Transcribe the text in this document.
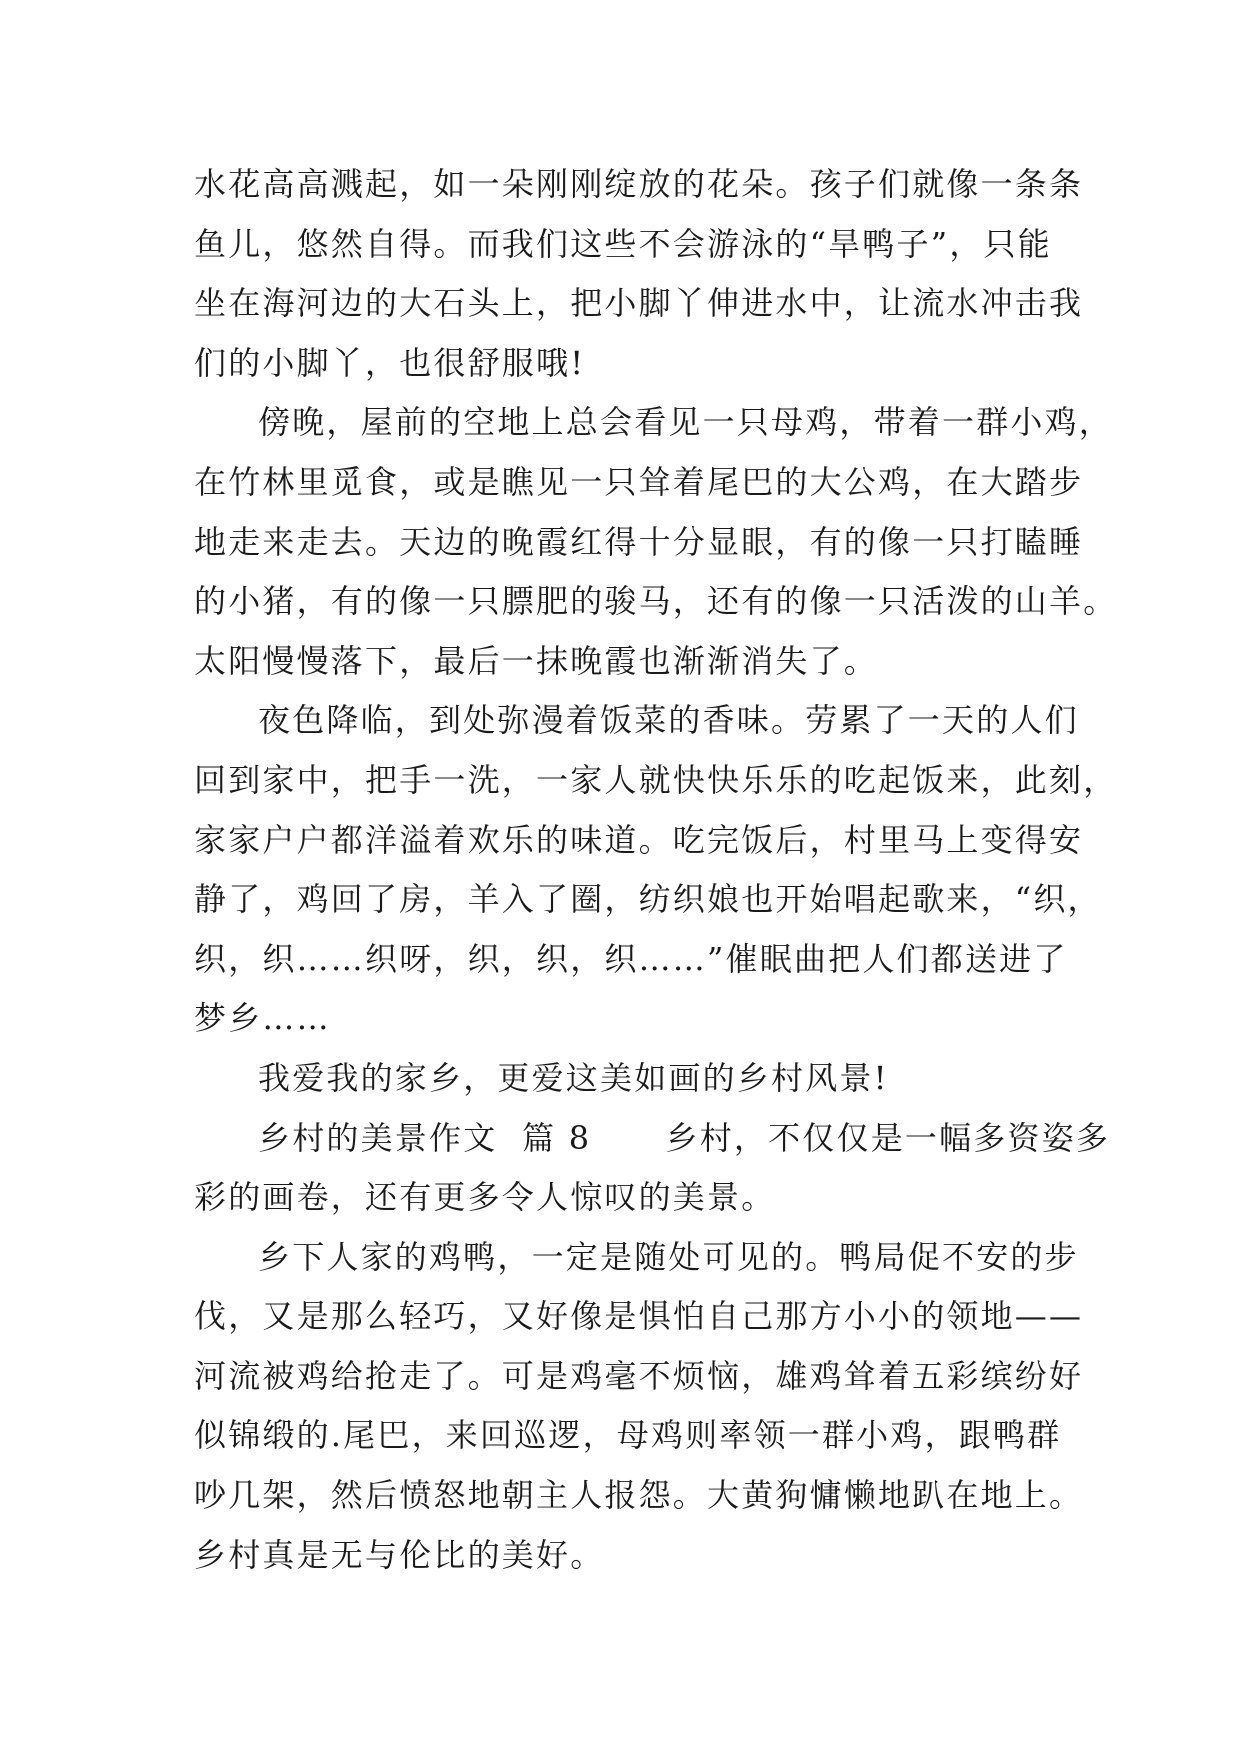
水花高高溅起，如一朵刚刚绽放的花朵。孩子们就像一条条
鱼儿，悠然自得。而我们这些不会游泳的“旱鸭子”，只能
坐在海河边的大石头上，把小脚丫伸进水中，让流水冲击我
们的小脚丫，也很舒服哦!
傍晚，屋前的空地上总会看见一只母鸡，带着一群小鸡，
在竹林里觅食，或是瞧见一只耸着尾巴的大公鸡，在大踏步
地走来走去。天边的晚霞红得十分显眼，有的像一只打瞌睡
的小猪，有的像一只膘肥的骏马，还有的像一只活泼的山羊。
太阳慢慢落下，最后一抹晚霞也渐渐消失了。
夜色降临，到处弥漫着饭菜的香味。劳累了一天的人们
回到家中，把手一洗，一家人就快快乐乐的吃起饭来，此刻，
家家户户都洋溢着欢乐的味道。吃完饭后，村里马上变得安
静了，鸡回了房，羊入了圈，纺织娘也开始唱起歌来，“织，
织，织……织呀，织，织，织……”催眠曲把人们都送进了
梦乡……
我爱我的家乡，更爱这美如画的乡村风景!
乡村的美景作文  篇 8      乡村，不仅仅是一幅多资姿多
彩的画卷，还有更多令人惊叹的美景。
乡下人家的鸡鸭，一定是随处可见的。鸭局促不安的步
伐，又是那么轻巧，又好像是惧怕自己那方小小的领地——
河流被鸡给抢走了。可是鸡毫不烦恼，雄鸡耸着五彩缤纷好
似锦缎的.尾巴，来回巡逻，母鸡则率领一群小鸡，跟鸭群
吵几架，然后愤怒地朝主人报怨。大黄狗慵懒地趴在地上。
乡村真是无与伦比的美好。
